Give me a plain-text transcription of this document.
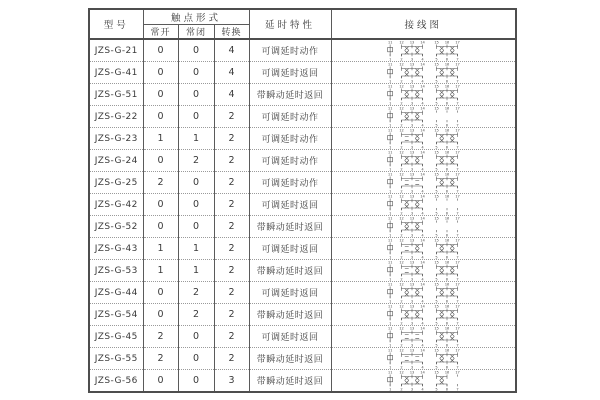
型号	触点形式			延时特性	接线图
	常开	常闭	转换		
JZS-G-21	0	0	4	可调延时动作	
11 12 13 14 15 16 17
1 2 3 4	5 6 7

JZS-G-41	0	0	4	可调延时返回	
11 12 13 14 15 16 17
1 2 3 4	5 6 7

JZS-G-51	0	0	4	带瞬动延时返回	
11 12 13 14 15 16 17
1 2 3 4	5 6 7

JZS-G-22	0	0	2	可调延时动作	
11 12 13 14 15 16 17
1 2 3 4	5 6 7

JZS-G-23	1	1	2	可调延时动作	
11 12 13 14 15 16 17
1 2 3 4	5 6 7

JZS-G-24	0	2	2	可调延时动作	
11 12 13 14 15 16 17
1 2 3 4	5 6 7

JZS-G-25	2	0	2	可调延时动作	
11 12 13 14 15 16 17
1 2 3 4	5 6 7

JZS-G-42	0	0	2	可调延时返回	
11 12 13 14 15 16 17
1 2 3 4	5 6 7

JZS-G-52	0	0	2	带瞬动延时返回	
11 12 13 14 15 16 17
1 2 3 4	5 6 7

JZS-G-43	1	1	2	可调延时返回	
11 12 13 14 15 16 17
1 2 3 4	5 6 7

JZS-G-53	1	1	2	带瞬动延时返回	
11 12 13 14 15 16 17
1 2 3 4	5 6 7

JZS-G-44	0	2	2	可调延时返回	
11 12 13 14 15 16 17
1 2 3 4	5 6 7

JZS-G-54	0	2	2	带瞬动延时返回	
11 12 13 14 15 16 17
1 2 3 4	5 6 7

JZS-G-45	2	0	2	可调延时返回	
11 12 13 14 15 16 17
1 2 3 4	5 6 7

JZS-G-55	2	0	2	带瞬动延时返回	
11 12 13 14 15 16 17
1 2 3 4	5 6 7

JZS-G-56	0	0	3	带瞬动延时返回	
11 12 13 14 15 16 17
1 2 3 4	5 6 7
